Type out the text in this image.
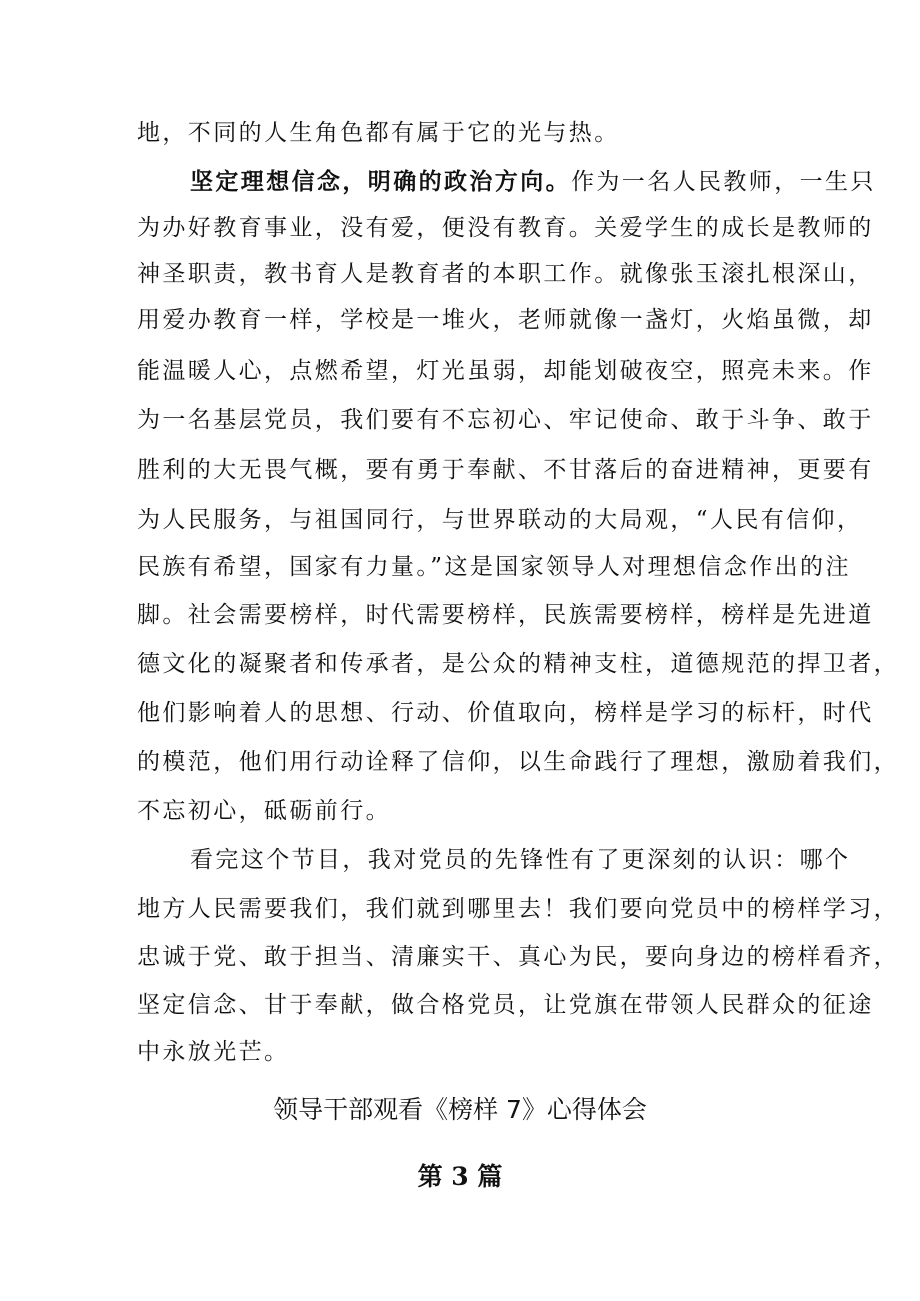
地，不同的人生角色都有属于它的光与热。
坚定理想信念，明确的政治方向。作为一名人民教师，一生只
为办好教育事业，没有爱，便没有教育。关爱学生的成长是教师的
神圣职责，教书育人是教育者的本职工作。就像张玉滚扎根深山，
用爱办教育一样，学校是一堆火，老师就像一盏灯，火焰虽微，却
能温暖人心，点燃希望，灯光虽弱，却能划破夜空，照亮未来。作
为一名基层党员，我们要有不忘初心、牢记使命、敢于斗争、敢于
胜利的大无畏气概，要有勇于奉献、不甘落后的奋进精神，更要有
为人民服务，与祖国同行，与世界联动的大局观，“人民有信仰，
民族有希望，国家有力量。”这是国家领导人对理想信念作出的注
脚。社会需要榜样，时代需要榜样，民族需要榜样，榜样是先进道
德文化的凝聚者和传承者，是公众的精神支柱，道德规范的捍卫者，
他们影响着人的思想、行动、价值取向，榜样是学习的标杆，时代
的模范，他们用行动诠释了信仰，以生命践行了理想，激励着我们，
不忘初心，砥砺前行。
看完这个节目，我对党员的先锋性有了更深刻的认识：哪个
地方人民需要我们，我们就到哪里去！我们要向党员中的榜样学习，
忠诚于党、敢于担当、清廉实干、真心为民，要向身边的榜样看齐，
坚定信念、甘于奉献，做合格党员，让党旗在带领人民群众的征途
中永放光芒。
领导干部观看《榜样 7》心得体会
第 3 篇
